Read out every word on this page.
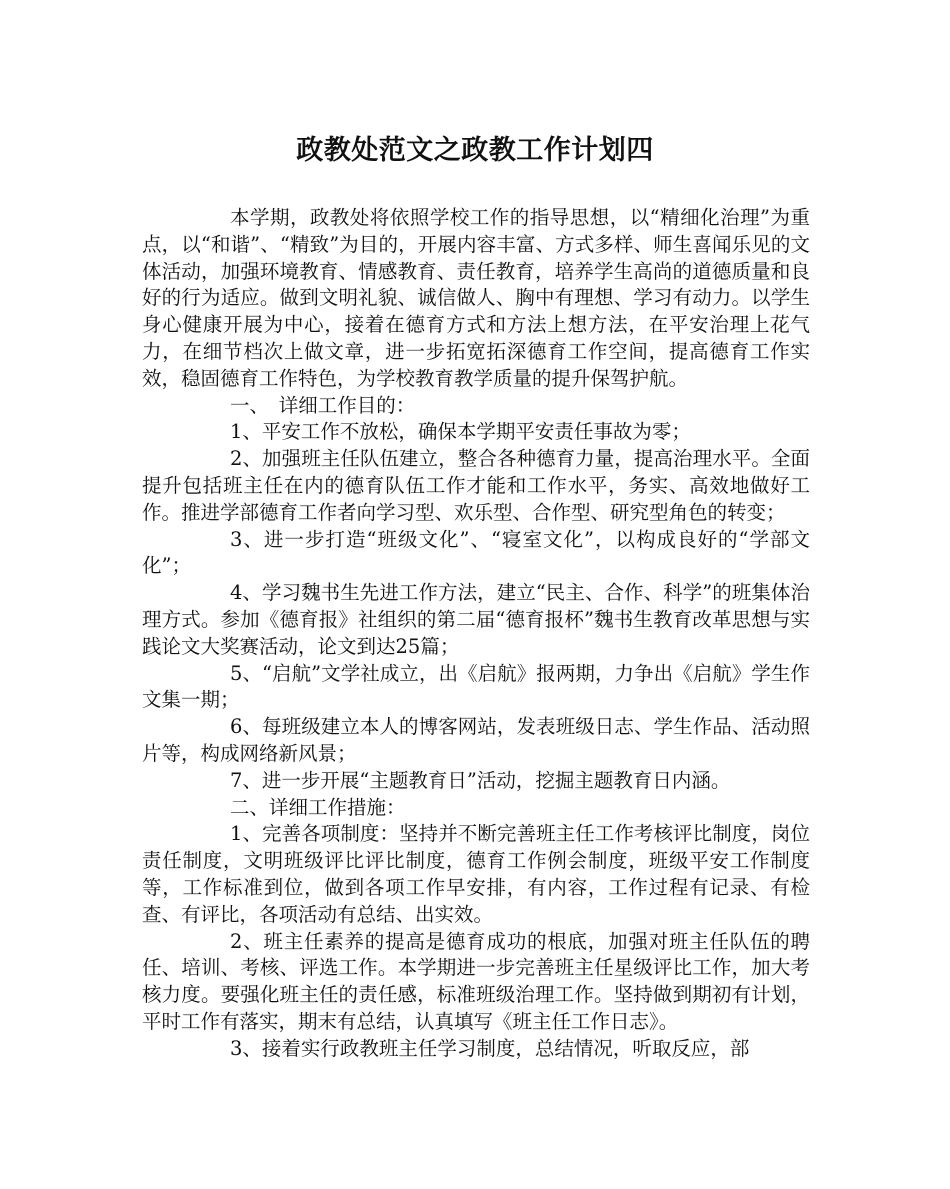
政教处范文之政教工作计划四

本学期，政教处将依照学校工作的指导思想，以“精细化治理”为重点，以“和谐”、“精致”为目的，开展内容丰富、方式多样、师生喜闻乐见的文体活动，加强环境教育、情感教育、责任教育，培养学生高尚的道德质量和良好的行为适应。做到文明礼貌、诚信做人、胸中有理想、学习有动力。以学生身心健康开展为中心，接着在德育方式和方法上想方法，在平安治理上花气力，在细节档次上做文章，进一步拓宽拓深德育工作空间，提高德育工作实效，稳固德育工作特色，为学校教育教学质量的提升保驾护航。

一、　详细工作目的：

1、平安工作不放松，确保本学期平安责任事故为零；

2、加强班主任队伍建立，整合各种德育力量，提高治理水平。全面提升包括班主任在内的德育队伍工作才能和工作水平，务实、高效地做好工作。推进学部德育工作者向学习型、欢乐型、合作型、研究型角色的转变；

3、进一步打造“班级文化”、“寝室文化”，以构成良好的“学部文化”；

4、学习魏书生先进工作方法，建立“民主、合作、科学”的班集体治理方式。参加《德育报》社组织的第二届“德育报杯”魏书生教育改革思想与实践论文大奖赛活动，论文到达25篇；

5、“启航”文学社成立，出《启航》报两期，力争出《启航》学生作文集一期；

6、每班级建立本人的博客网站，发表班级日志、学生作品、活动照片等，构成网络新风景；

7、进一步开展“主题教育日”活动，挖掘主题教育日内涵。

二、详细工作措施：

1、完善各项制度：坚持并不断完善班主任工作考核评比制度，岗位责任制度，文明班级评比评比制度，德育工作例会制度，班级平安工作制度等，工作标准到位，做到各项工作早安排，有内容，工作过程有记录、有检查、有评比，各项活动有总结、出实效。

2、班主任素养的提高是德育成功的根底，加强对班主任队伍的聘任、培训、考核、评选工作。本学期进一步完善班主任星级评比工作，加大考核力度。要强化班主任的责任感，标准班级治理工作。坚持做到期初有计划，平时工作有落实，期末有总结，认真填写《班主任工作日志》。

3、接着实行政教班主任学习制度，总结情况，听取反应，部
